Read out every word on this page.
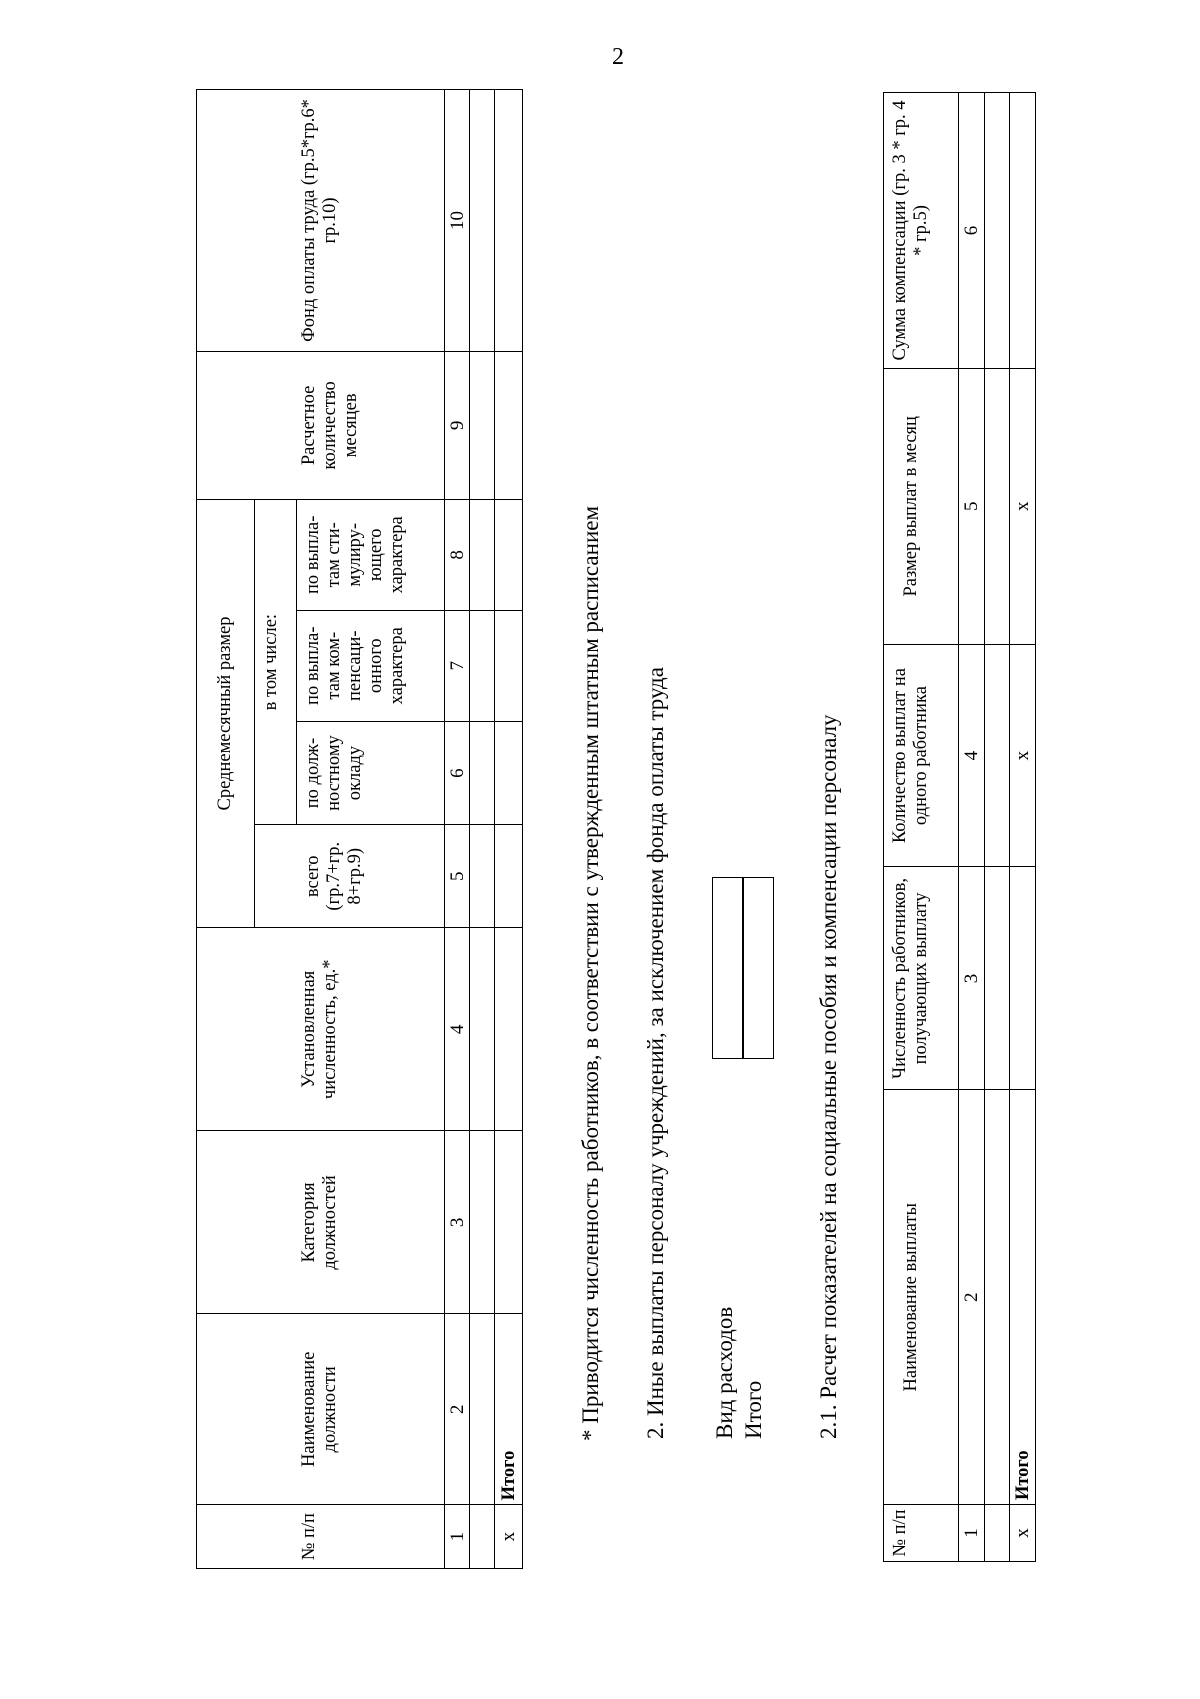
2
№ п/п	Наименование должности	Категория должностей	Установленная численность, ед.*	Среднемесячный размер				Расчетное количество месяцев	Фонд оплаты труда (гр.5*гр.6* гр.10)
				всего (гр.7+гр. 8+гр.9)	в том числе:				
					по долж-ностному окладу	по выпла-там ком-пенсаци-онного характера	по выпла-там сти-мулиру-ющего характера		
1	2	3	4	5	6	7	8	9	10

x	Итого								
* Приводится численность работников, в соответствии с утвержденным штатным расписанием 2. Иные выплаты персоналу учреждений, за исключением фонда оплаты труда Вид расходов Итого 2.1. Расчет показателей на социальные пособия и компенсации персоналу
№ п/п	Наименование выплаты	Численность работников, получающих выплату	Количество выплат на одного работника	Размер выплат в месяц	Сумма компенсации (гр. 3 * гр. 4 * гр.5)
1	2	3	4	5	6

x	Итого		x	x	
